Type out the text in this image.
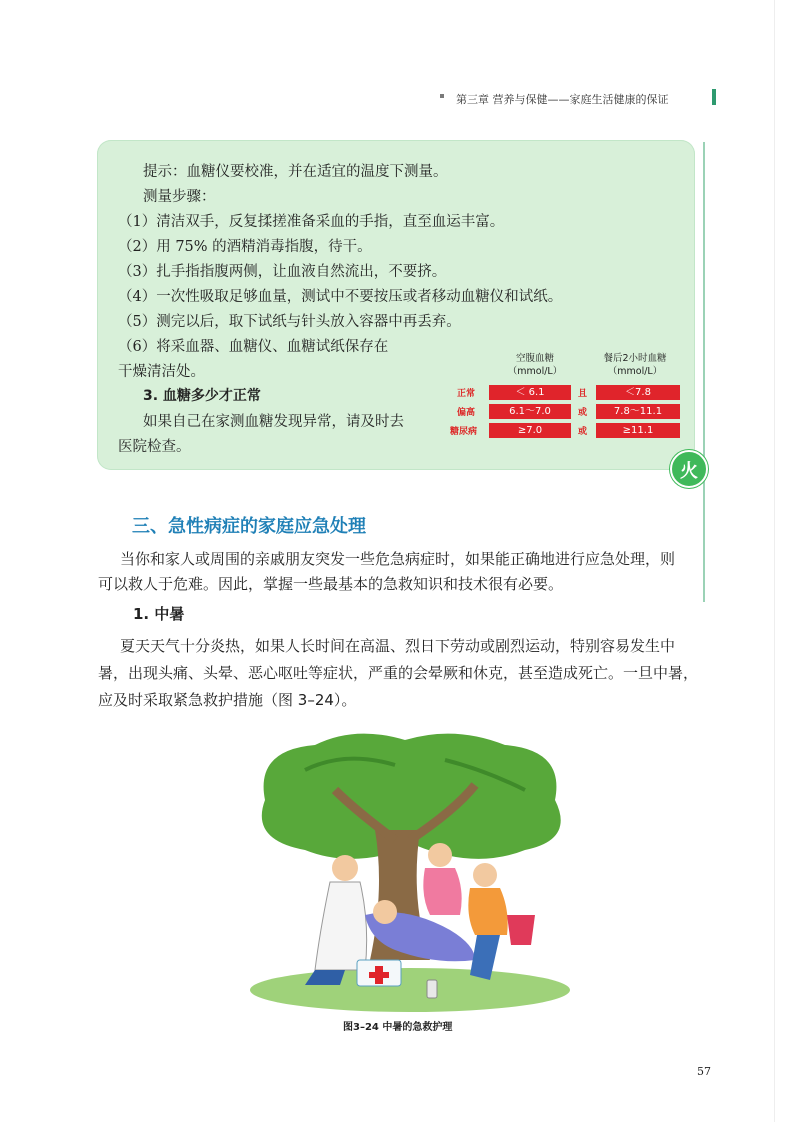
第三章 营养与保健——家庭生活健康的保证
提示：血糖仪要校准，并在适宜的温度下测量。
测量步骤：
（1）清洁双手，反复揉搓准备采血的手指，直至血运丰富。
（2）用 75% 的酒精消毒指腹，待干。
（3）扎手指指腹两侧，让血液自然流出，不要挤。
（4）一次性吸取足够血量，测试中不要按压或者移动血糖仪和试纸。
（5）测完以后，取下试纸与针头放入容器中再丢弃。
（6）将采血器、血糖仪、血糖试纸保存在
干燥清洁处。
3. 血糖多少才正常
如果自己在家测血糖发现异常，请及时去
医院检查。
空腹血糖
（mmol/L）
餐后2小时血糖
（mmol/L）
正常	＜ 6.1	且	＜7.8
偏高	6.1～7.0	或	7.8～11.1
糖尿病	≥7.0	或	≥11.1
火
三、急性病症的家庭应急处理
当你和家人或周围的亲戚朋友突发一些危急病症时，如果能正确地进行应急处理，则
可以救人于危难。因此，掌握一些最基本的急救知识和技术很有必要。
1. 中暑
夏天天气十分炎热，如果人长时间在高温、烈日下劳动或剧烈运动，特别容易发生中
暑，出现头痛、头晕、恶心呕吐等症状，严重的会晕厥和休克，甚至造成死亡。一旦中暑，
应及时采取紧急救护措施（图 3–24）。
图3–24 中暑的急救护理
57
